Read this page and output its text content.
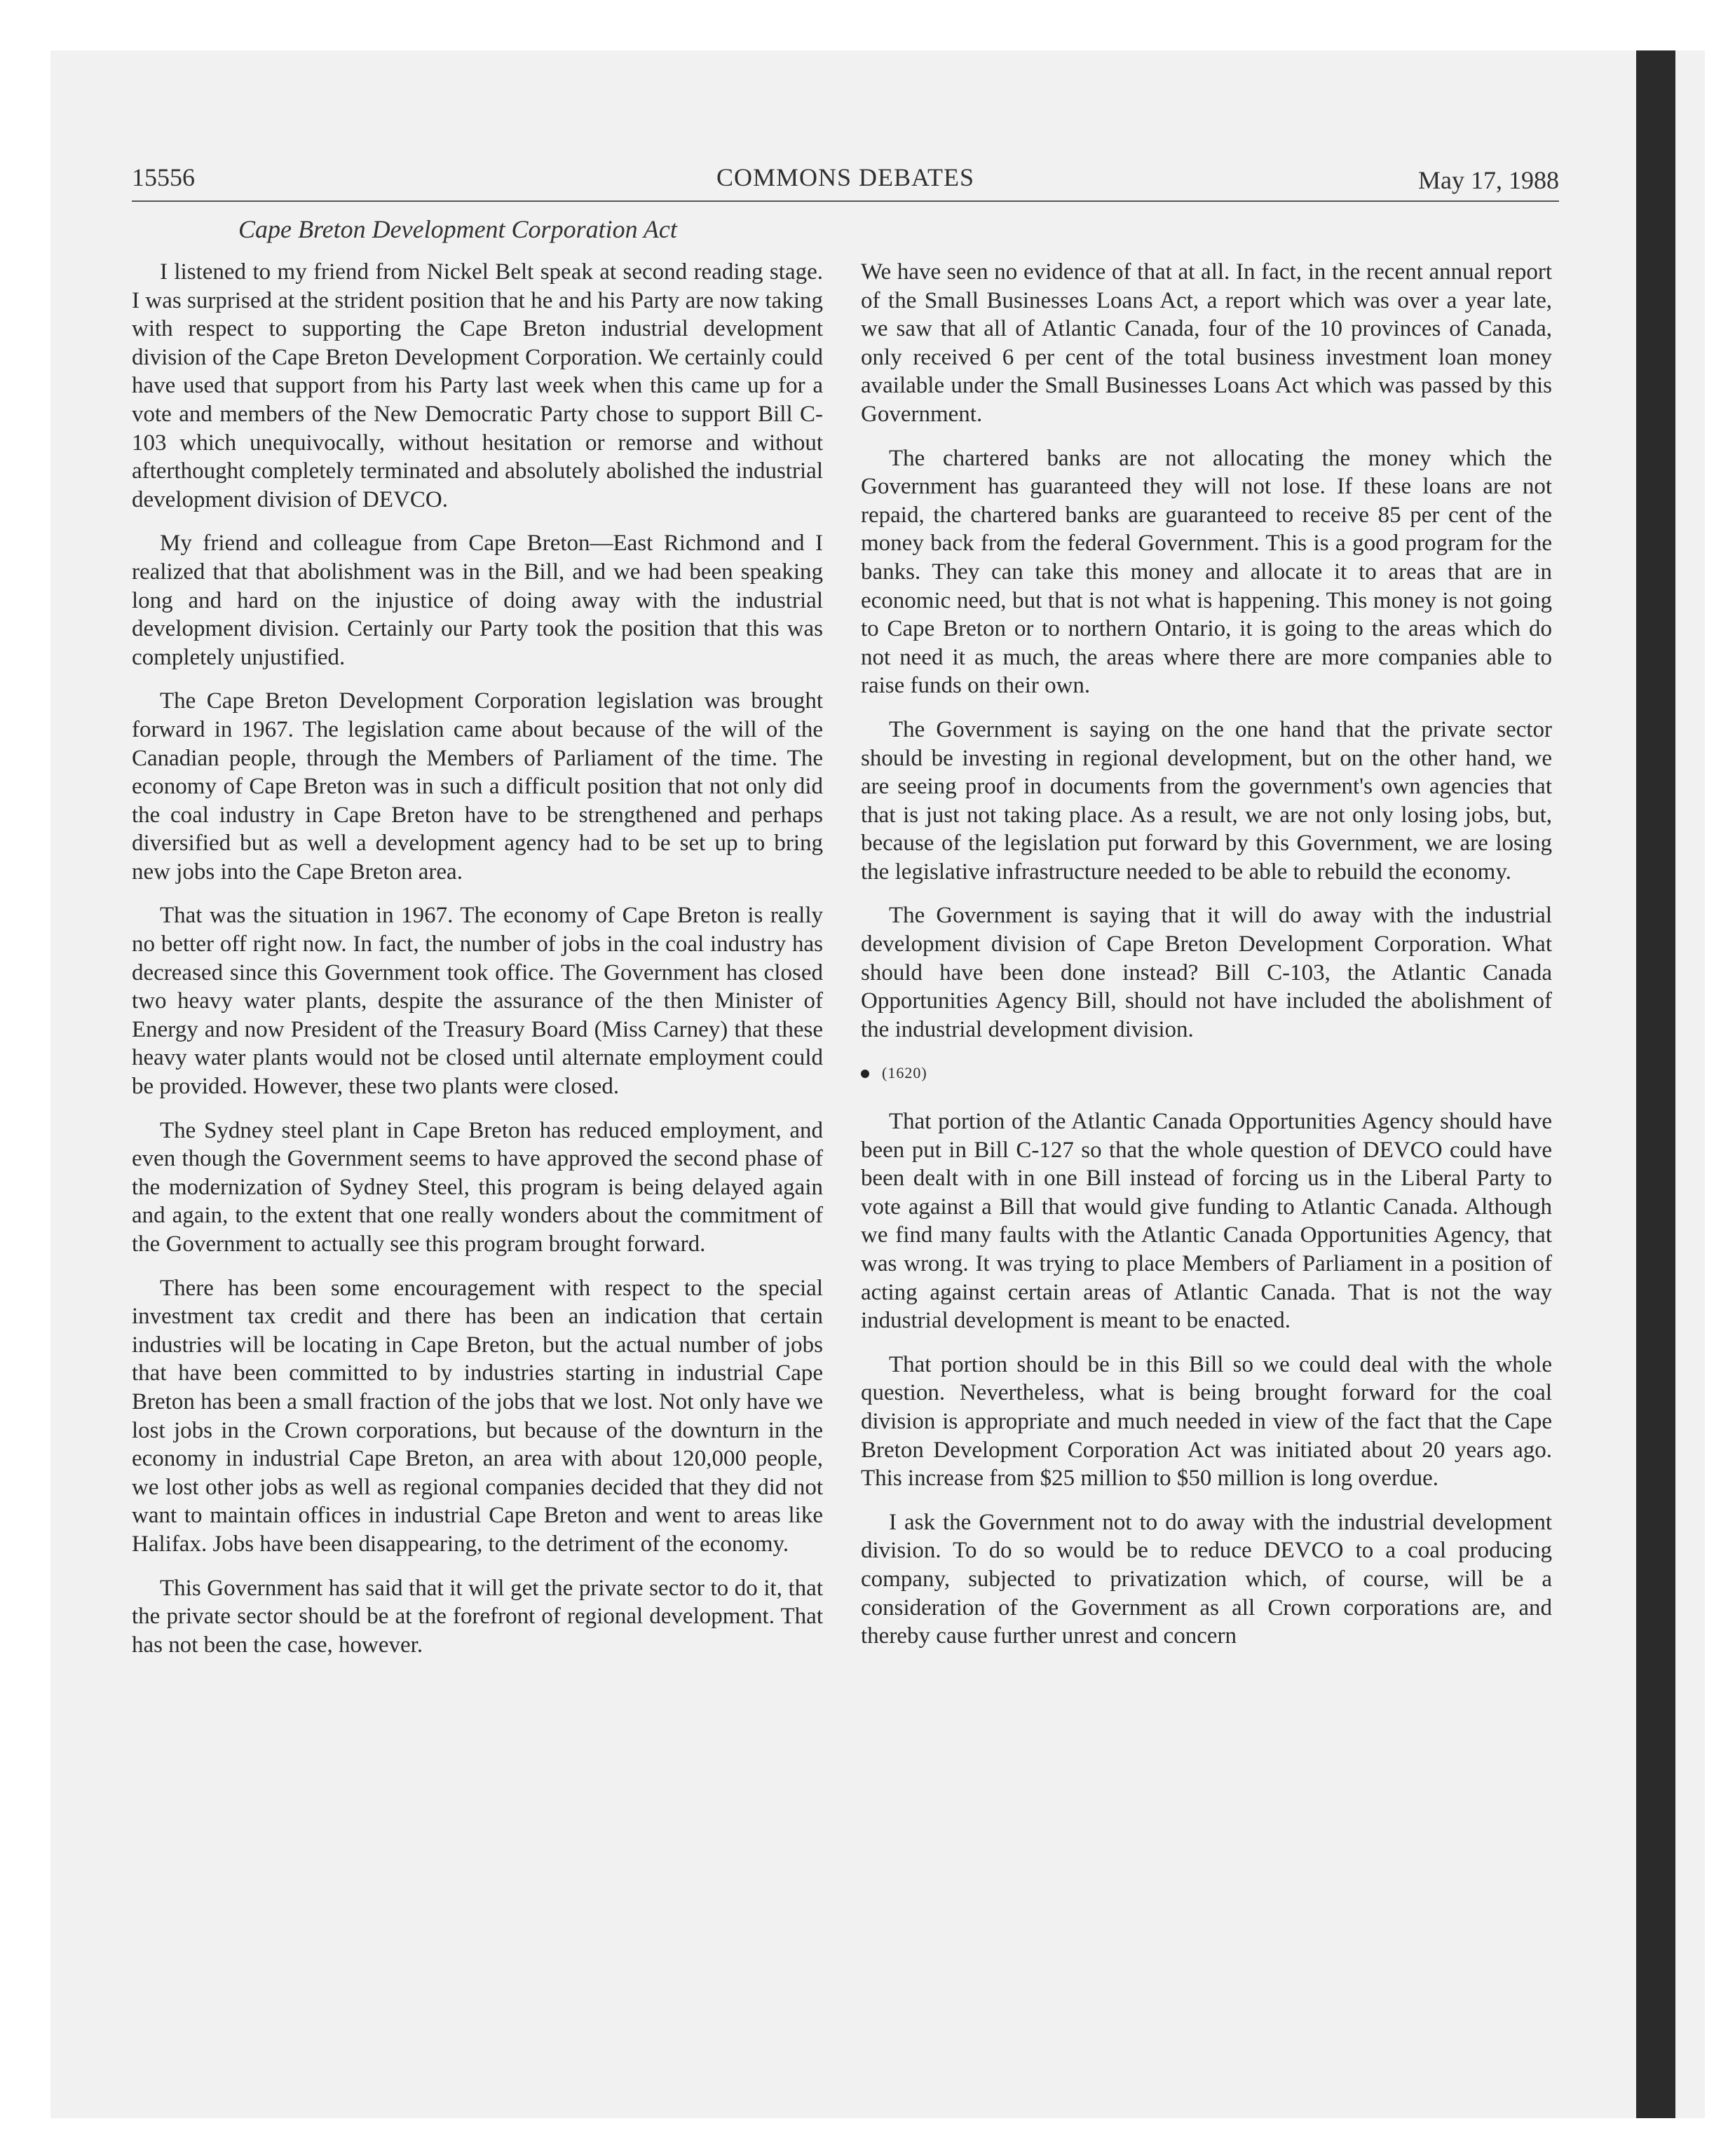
15556	COMMONS DEBATES	May 17, 1988
Cape Breton Development Corporation Act

I listened to my friend from Nickel Belt speak at second reading stage. I was surprised at the strident position that he and his Party are now taking with respect to supporting the Cape Breton industrial development division of the Cape Breton Development Corporation. We certainly could have used that support from his Party last week when this came up for a vote and members of the New Democratic Party chose to support Bill C-103 which unequivocally, without hesitation or remorse and without afterthought completely terminated and absolutely abolished the industrial development division of DEVCO.

My friend and colleague from Cape Breton—East Richmond and I realized that that abolishment was in the Bill, and we had been speaking long and hard on the injustice of doing away with the industrial development division. Certainly our Party took the position that this was completely unjustified.

The Cape Breton Development Corporation legislation was brought forward in 1967. The legislation came about because of the will of the Canadian people, through the Members of Parliament of the time. The economy of Cape Breton was in such a difficult position that not only did the coal industry in Cape Breton have to be strengthened and perhaps diversified but as well a development agency had to be set up to bring new jobs into the Cape Breton area.

That was the situation in 1967. The economy of Cape Breton is really no better off right now. In fact, the number of jobs in the coal industry has decreased since this Government took office. The Government has closed two heavy water plants, despite the assurance of the then Minister of Energy and now President of the Treasury Board (Miss Carney) that these heavy water plants would not be closed until alternate employment could be provided. However, these two plants were closed.

The Sydney steel plant in Cape Breton has reduced employment, and even though the Government seems to have approved the second phase of the modernization of Sydney Steel, this program is being delayed again and again, to the extent that one really wonders about the commitment of the Government to actually see this program brought forward.

There has been some encouragement with respect to the special investment tax credit and there has been an indication that certain industries will be locating in Cape Breton, but the actual number of jobs that have been committed to by industries starting in industrial Cape Breton has been a small fraction of the jobs that we lost. Not only have we lost jobs in the Crown corporations, but because of the downturn in the economy in industrial Cape Breton, an area with about 120,000 people, we lost other jobs as well as regional companies decided that they did not want to maintain offices in industrial Cape Breton and went to areas like Halifax. Jobs have been disappearing, to the detriment of the economy.

This Government has said that it will get the private sector to do it, that the private sector should be at the forefront of regional development. That has not been the case, however.

We have seen no evidence of that at all. In fact, in the recent annual report of the Small Businesses Loans Act, a report which was over a year late, we saw that all of Atlantic Canada, four of the 10 provinces of Canada, only received 6 per cent of the total business investment loan money available under the Small Businesses Loans Act which was passed by this Government.

The chartered banks are not allocating the money which the Government has guaranteed they will not lose. If these loans are not repaid, the chartered banks are guaranteed to receive 85 per cent of the money back from the federal Government. This is a good program for the banks. They can take this money and allocate it to areas that are in economic need, but that is not what is happening. This money is not going to Cape Breton or to northern Ontario, it is going to the areas which do not need it as much, the areas where there are more companies able to raise funds on their own.

The Government is saying on the one hand that the private sector should be investing in regional development, but on the other hand, we are seeing proof in documents from the government's own agencies that that is just not taking place. As a result, we are not only losing jobs, but, because of the legislation put forward by this Government, we are losing the legislative infrastructure needed to be able to rebuild the economy.

The Government is saying that it will do away with the industrial development division of Cape Breton Development Corporation. What should have been done instead? Bill C-103, the Atlantic Canada Opportunities Agency Bill, should not have included the abolishment of the industrial development division.

(1620)

That portion of the Atlantic Canada Opportunities Agency should have been put in Bill C-127 so that the whole question of DEVCO could have been dealt with in one Bill instead of forcing us in the Liberal Party to vote against a Bill that would give funding to Atlantic Canada. Although we find many faults with the Atlantic Canada Opportunities Agency, that was wrong. It was trying to place Members of Parliament in a position of acting against certain areas of Atlantic Canada. That is not the way industrial development is meant to be enacted.

That portion should be in this Bill so we could deal with the whole question. Nevertheless, what is being brought forward for the coal division is appropriate and much needed in view of the fact that the Cape Breton Development Corporation Act was initiated about 20 years ago. This increase from $25 million to $50 million is long overdue.

I ask the Government not to do away with the industrial development division. To do so would be to reduce DEVCO to a coal producing company, subjected to privatization which, of course, will be a consideration of the Government as all Crown corporations are, and thereby cause further unrest and concern
